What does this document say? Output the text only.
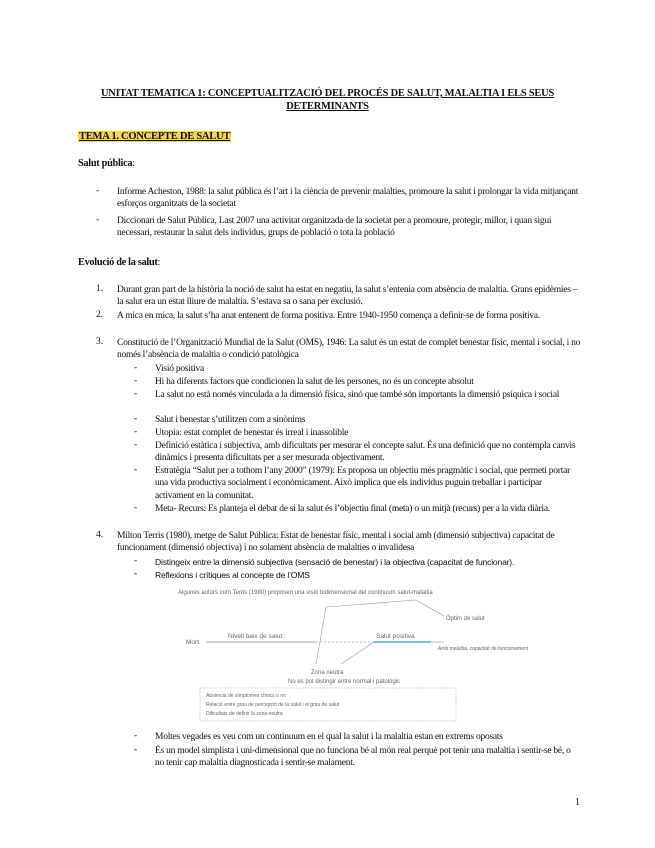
UNITAT TEMATICA 1: CONCEPTUALITZACIÓ DEL PROCÉS DE SALUT, MALALTIA I ELS SEUS DETERMINANTS
TEMA 1. CONCEPTE DE SALUT
Salut pública:
- Informe Acheston, 1988: la salut pública és l’art i la ciència de prevenir malalties, promoure la salut i prolongar la vida mitjançant esforços organitzats de la societat
- Diccionari de Salut Pública, Last 2007 una activitat organitzada de la societat per a promoure, protegir, millor, i quan sigui necessari, restaurar la salut dels individus, grups de població o tota la població
Evolució de la salut:
1. Durant gran part de la història la noció de salut ha estat en negatiu, la salut s’entenia com absència de malaltia. Grans epidèmies – la salut era un estat lliure de malaltia. S’estava sa o sana per exclusió.
2. A mica en mica, la salut s’ha anat entenent de forma positiva. Entre 1940-1950 comença a definir-se de forma positiva.
3. Constitució de l’Organització Mundial de la Salut (OMS), 1946: La salut és un estat de complet benestar físic, mental i social, i no només l’absència de malaltia o condició patològica
- Visió positiva
- Hi ha diferents factors que condicionen la salut de les persones, no és un concepte absolut
- La salut no està només vinculada a la dimensió física, sinó que també són importants la dimensió psíquica i social
- Salut i benestar s’utilitzen com a sinònims
- Utopia: estat complet de benestar és irreal i inassolible
- Definició estàtica i subjectiva, amb dificultats per mesurar el concepte salut. És una definició que no contempla canvis dinàmics i presenta dificultats per a ser mesurada objectivament.
- Estratègia “Salut per a tothom l’any 2000” (1979): Es proposa un objectiu més pragmàtic i social, que permeti portar una vida productiva socialment i econòmicament. Això implica que els individus puguin treballar i participar activament en la comunitat.
- Meta- Recurs: Es planteja el debat de si la salut és l’objectiu final (meta) o un mitjà (recurs) per a la vida diària.
4. Milton Terris (1980), metge de Salut Pública: Estat de benestar físic, mental i social amb (dimensió subjectiva) capacitat de funcionament (dimensió objectiva) i no solament absència de malalties o invalidesa
- Distingeix entre la dimensió subjectiva (sensació de benestar) i la objectiva (capacitat de funcionar).
- Reflexions i crítiques al concepte de l’OMS
Algunes autors com Terris (1980) proposen una visió bidimensional del continuum salut-malaltia
Mort
Nivell baix de salut	Salut positiva
Òptim de salut
Zona neutra
No es pot distingir entre normal i patològic
Amb malaltia, capacitat de funcionament
Absència de símptomes clínics o no
Relació entre grau de percepció de la salut i el grau de salut
Dificultats de definir la zona neutra
- Moltes vegades es veu com un continuum en el qual la salut i la malaltia estan en extrems oposats
- És un model simplista i uni-dimensional que no funciona bé al món real perquè pot tenir una malaltia i sentir-se bé, o no tenir cap malaltia diagnosticada i sentir-se malament.
1
